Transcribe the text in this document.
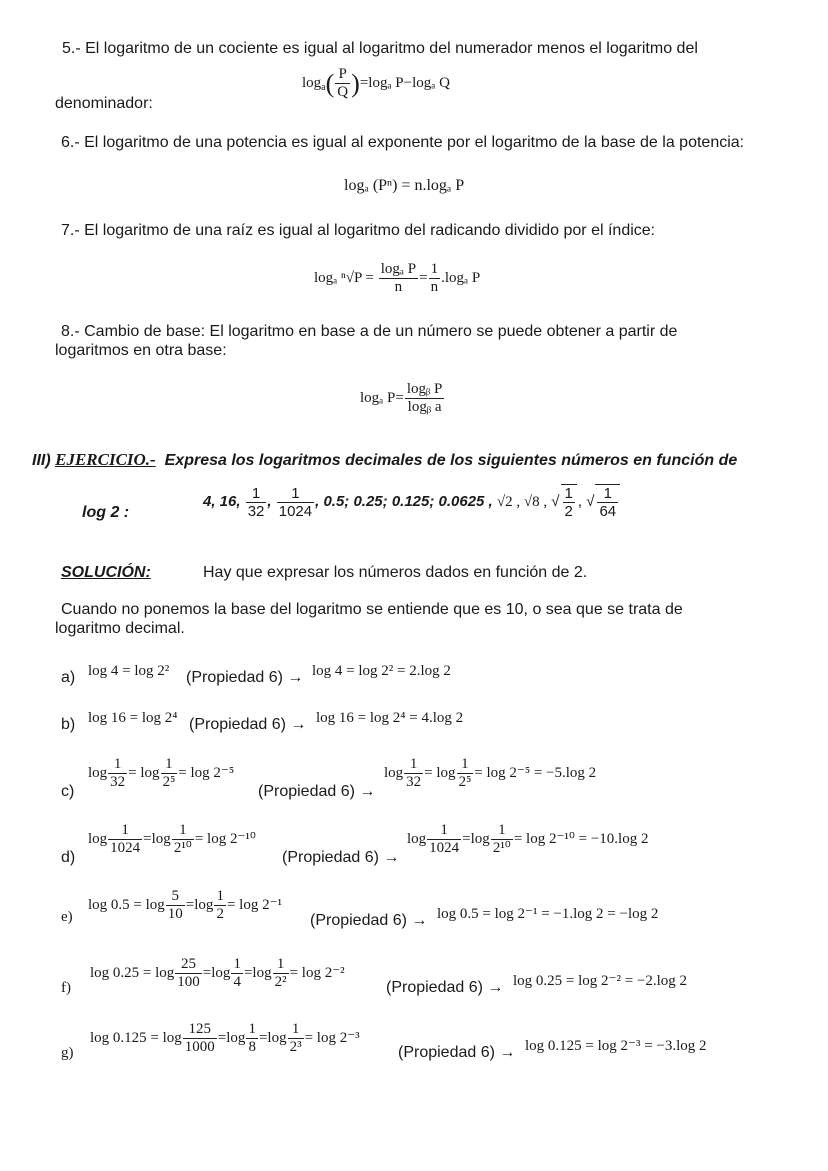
5.- El logaritmo de un cociente es igual al logaritmo del numerador menos el logaritmo del
$\log_a( \frac{P}{Q} )=\log_a$ P−logₐ Q
denominador:
6.- El logaritmo de una potencia es igual al exponente por el logaritmo de la base de la potencia:
logₐ (Pⁿ) = n.logₐ P
7.- El logaritmo de una raíz es igual al logaritmo del radicando dividido por el índice:
logₐ $^n√P = \frac{\text{logₐ P}}{n} = \frac{1}{n} .\log_a$ P
8.- Cambio de base: El logaritmo en base a de un número se puede obtener a partir de
logaritmos en otra base:
logₐ $P= \frac{\text{logᵦ P}}{\text{logᵦ a}}$
III) EJERCICIO.- Expresa los logaritmos decimales de los siguientes números en función de
log 2 :
4, 16, $\frac{1}{32}$ , $\frac{1}{1024}$ , 0.5; 0.25; 0.125; 0.0625 , √2 , √8 , √ $\frac{1}{2}$ , √ $\frac{1}{64}$
SOLUCIÓN:	Hay que expresar los números dados en función de 2.
Cuando no ponemos la base del logaritmo se entiende que es 10, o sea que se trata de
logaritmo decimal.
a) log 4 = log 2² (Propiedad 6) → log 4 = log 2² = 2.log 2
b) log 16 = log 2⁴ (Propiedad 6) → log 16 = log 2⁴ = 4.log 2
c)
$\log \frac{1}{32} = \log \frac{1}{\text{2⁵}} = \log 2^{-5}$
(Propiedad 6) →
$\log \frac{1}{32} = \log \frac{1}{\text{2⁵}} = \log 2^{-5} = -5.\log$ 2
d)
$\log \frac{1}{1024} =\log \frac{1}{\text{2¹⁰}} = \log 2^{-10}$
(Propiedad 6) →
$\log \frac{1}{1024} =\log \frac{1}{\text{2¹⁰}} = \log 2^{-10} = -10.\log$ 2
e)
$\log 0.5 = \log \frac{5}{10} =\log \frac{1}{2} = \log 2^{-1}$
(Propiedad 6) → log 0.5 = log 2⁻¹ = −1.log 2 = −log 2
f)
$\log 0.25 = \log \frac{25}{100} =\log \frac{1}{4} =\log \frac{1}{\text{2²}} = \log 2^{-2}$
(Propiedad 6) → log 0.25 = log 2⁻² = −2.log 2
g)
$\log 0.125 = \log \frac{125}{1000} =\log \frac{1}{8} =\log \frac{1}{\text{2³}} = \log 2^{-3}$
(Propiedad 6) → log 0.125 = log 2⁻³ = −3.log 2
